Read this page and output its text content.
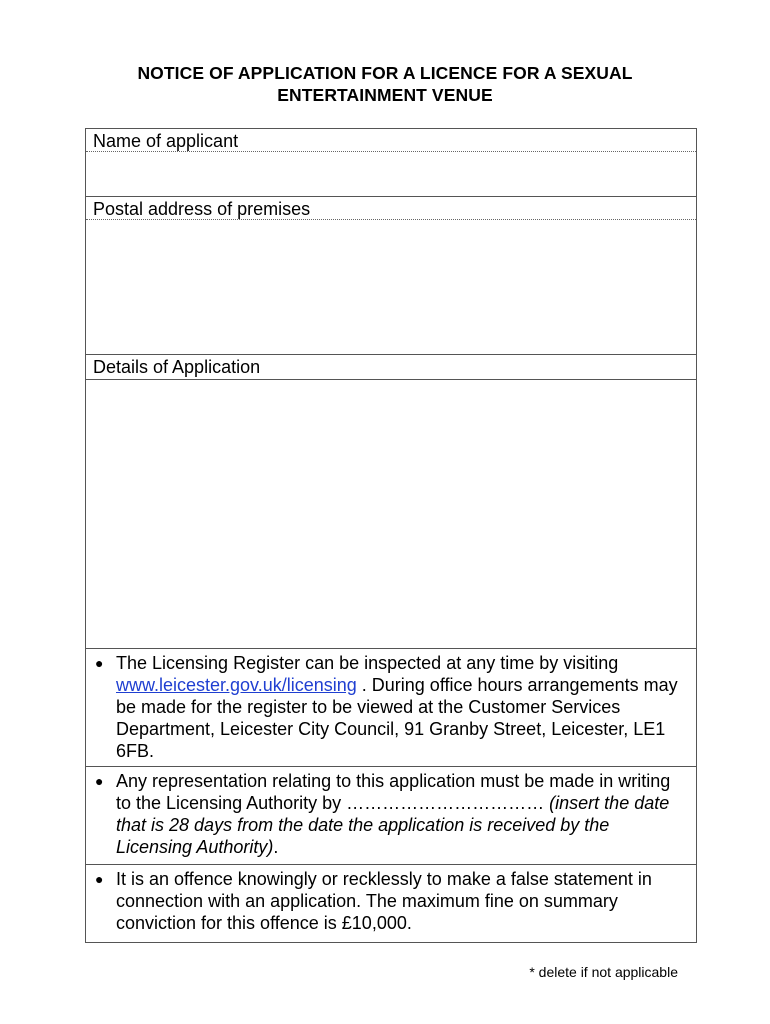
NOTICE OF APPLICATION FOR A LICENCE FOR A SEXUAL
ENTERTAINMENT VENUE
Name of applicant
Postal address of premises
Details of Application
● The Licensing Register can be inspected at any time by visiting www.leicester.gov.uk/licensing . During office hours arrangements may be made for the register to be viewed at the Customer Services Department, Leicester City Council, 91 Granby Street, Leicester, LE1 6FB.
● Any representation relating to this application must be made in writing to the Licensing Authority by …………………………… (insert the date that is 28 days from the date the application is received by the Licensing Authority).
● It is an offence knowingly or recklessly to make a false statement in connection with an application. The maximum fine on summary conviction for this offence is £10,000.
* delete if not applicable
